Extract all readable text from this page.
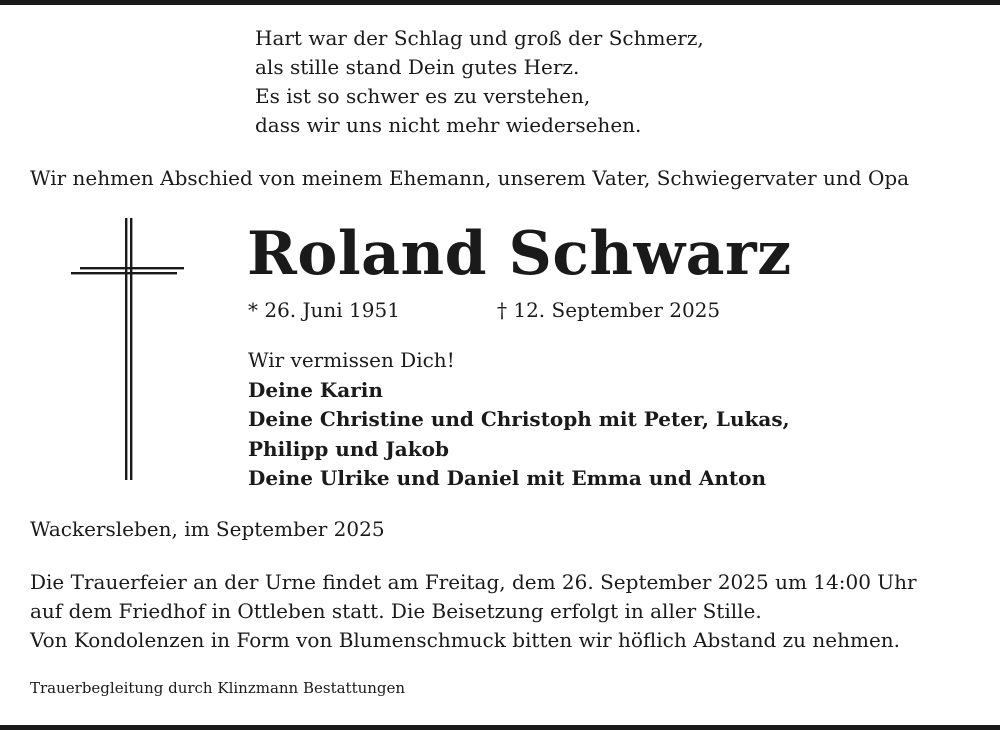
Hart war der Schlag und groß der Schmerz,
als stille stand Dein gutes Herz.
Es ist so schwer es zu verstehen,
dass wir uns nicht mehr wiedersehen.
Wir nehmen Abschied von meinem Ehemann, unserem Vater, Schwiegervater und Opa
Roland Schwarz
* 26. Juni 1951	† 12. September 2025
Wir vermissen Dich!
Deine Karin
Deine Christine und Christoph mit Peter, Lukas,
Philipp und Jakob
Deine Ulrike und Daniel mit Emma und Anton
Wackersleben, im September 2025
Die Trauerfeier an der Urne findet am Freitag, dem 26. September 2025 um 14:00 Uhr
auf dem Friedhof in Ottleben statt. Die Beisetzung erfolgt in aller Stille.
Von Kondolenzen in Form von Blumenschmuck bitten wir höflich Abstand zu nehmen.
Trauerbegleitung durch Klinzmann Bestattungen
